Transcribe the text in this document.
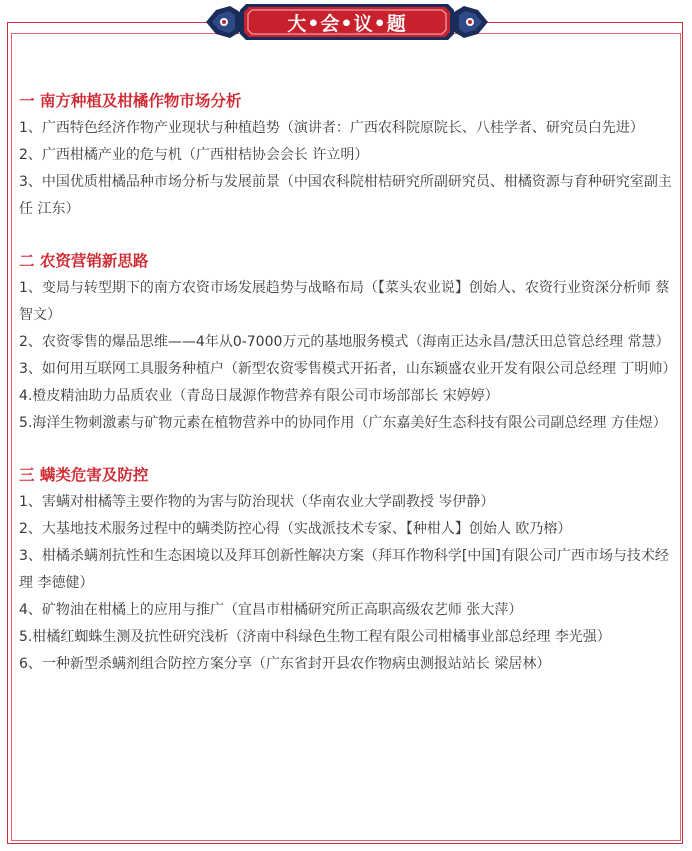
大•会•议•题

一 南方种植及柑橘作物市场分析

1、广西特色经济作物产业现状与种植趋势（演讲者：广西农科院原院长、八桂学者、研究员白先进）

2、广西柑橘产业的危与机（广西柑桔协会会长 许立明）

3、中国优质柑橘品种市场分析与发展前景（中国农科院柑桔研究所副研究员、柑橘资源与育种研究室副主任 江东）

二 农资营销新思路

1、变局与转型期下的南方农资市场发展趋势与战略布局（【菜头农业说】创始人、农资行业资深分析师 蔡智文）

2、农资零售的爆品思维——4年从0-7000万元的基地服务模式（海南正达永昌/慧沃田总管总经理 常慧）

3、如何用互联网工具服务种植户（新型农资零售模式开拓者，山东颖盛农业开发有限公司总经理 丁明帅）

4.橙皮精油助力品质农业（青岛日晟源作物营养有限公司市场部部长 宋婷婷）

5.海洋生物刺激素与矿物元素在植物营养中的协同作用（广东嘉美好生态科技有限公司副总经理 方佳煜）

三 螨类危害及防控

1、害螨对柑橘等主要作物的为害与防治现状（华南农业大学副教授 岑伊静）

2、大基地技术服务过程中的螨类防控心得（实战派技术专家、【种柑人】创始人 欧乃榕）

3、柑橘杀螨剂抗性和生态困境以及拜耳创新性解决方案（拜耳作物科学[中国]有限公司广西市场与技术经理 李德健）

4、矿物油在柑橘上的应用与推广（宜昌市柑橘研究所正高职高级农艺师 张大萍）

5.柑橘红蜘蛛生测及抗性研究浅析（济南中科绿色生物工程有限公司柑橘事业部总经理 李光强）

6、一种新型杀螨剂组合防控方案分享（广东省封开县农作物病虫测报站站长 梁居林）
